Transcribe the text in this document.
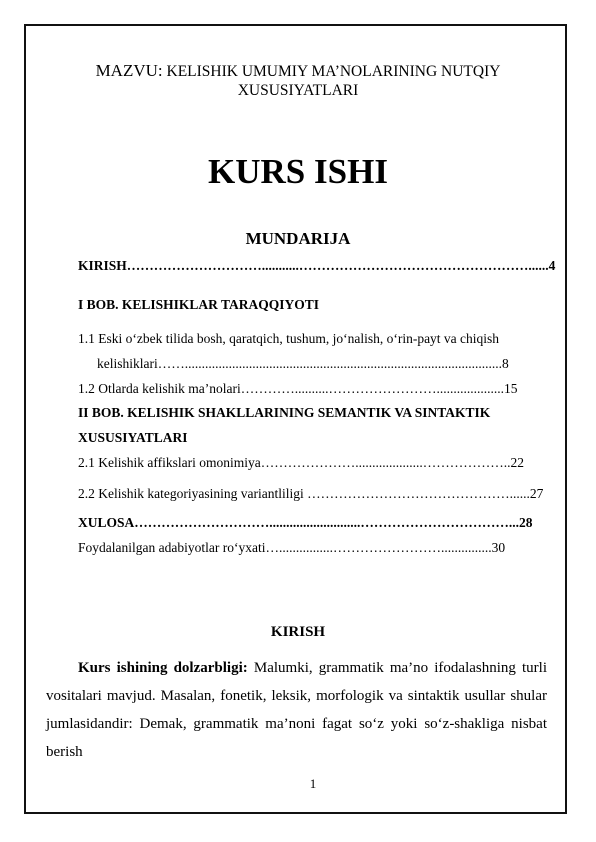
MAZVU: KELISHIK UMUMIY MA’NOLARINING NUTQIY
XUSUSIYATLARI
KURS ISHI
MUNDARIJA
KIRISH…………………………...........……………………………………………......4
I BOB. KELISHIKLAR TARAQQIYOTI
1.1 Eski o‘zbek tilida bosh, qaratqich, tushum, jo‘nalish, o‘rin-payt va chiqish
kelishiklari……..............................................................................................8
1.2 Otlarda kelishik ma’nolari…………..........……………………....................15
II BOB. KELISHIK SHAKLLARINING SEMANTIK VA SINTAKTIK
XUSUSIYATLARI
2.1 Kelishik affikslari omonimiya…………………....................………………..22
2.2 Kelishik kategoriyasining variantliligi ………………………………………......27
XULOSA…………………………...........................……………………………...28
Foydalanilgan adabiyotlar ro‘yxati…................……………………...............30
KIRISH
Kurs ishining dolzarbligi: Malumki, grammatik ma’no ifodalashning turli vositalari mavjud. Masalan, fonetik, leksik, morfologik va sintaktik usullar shular jumlasidandir: Demak, grammatik ma’noni fagat so‘z yoki so‘z-shakliga nisbat berish
1
